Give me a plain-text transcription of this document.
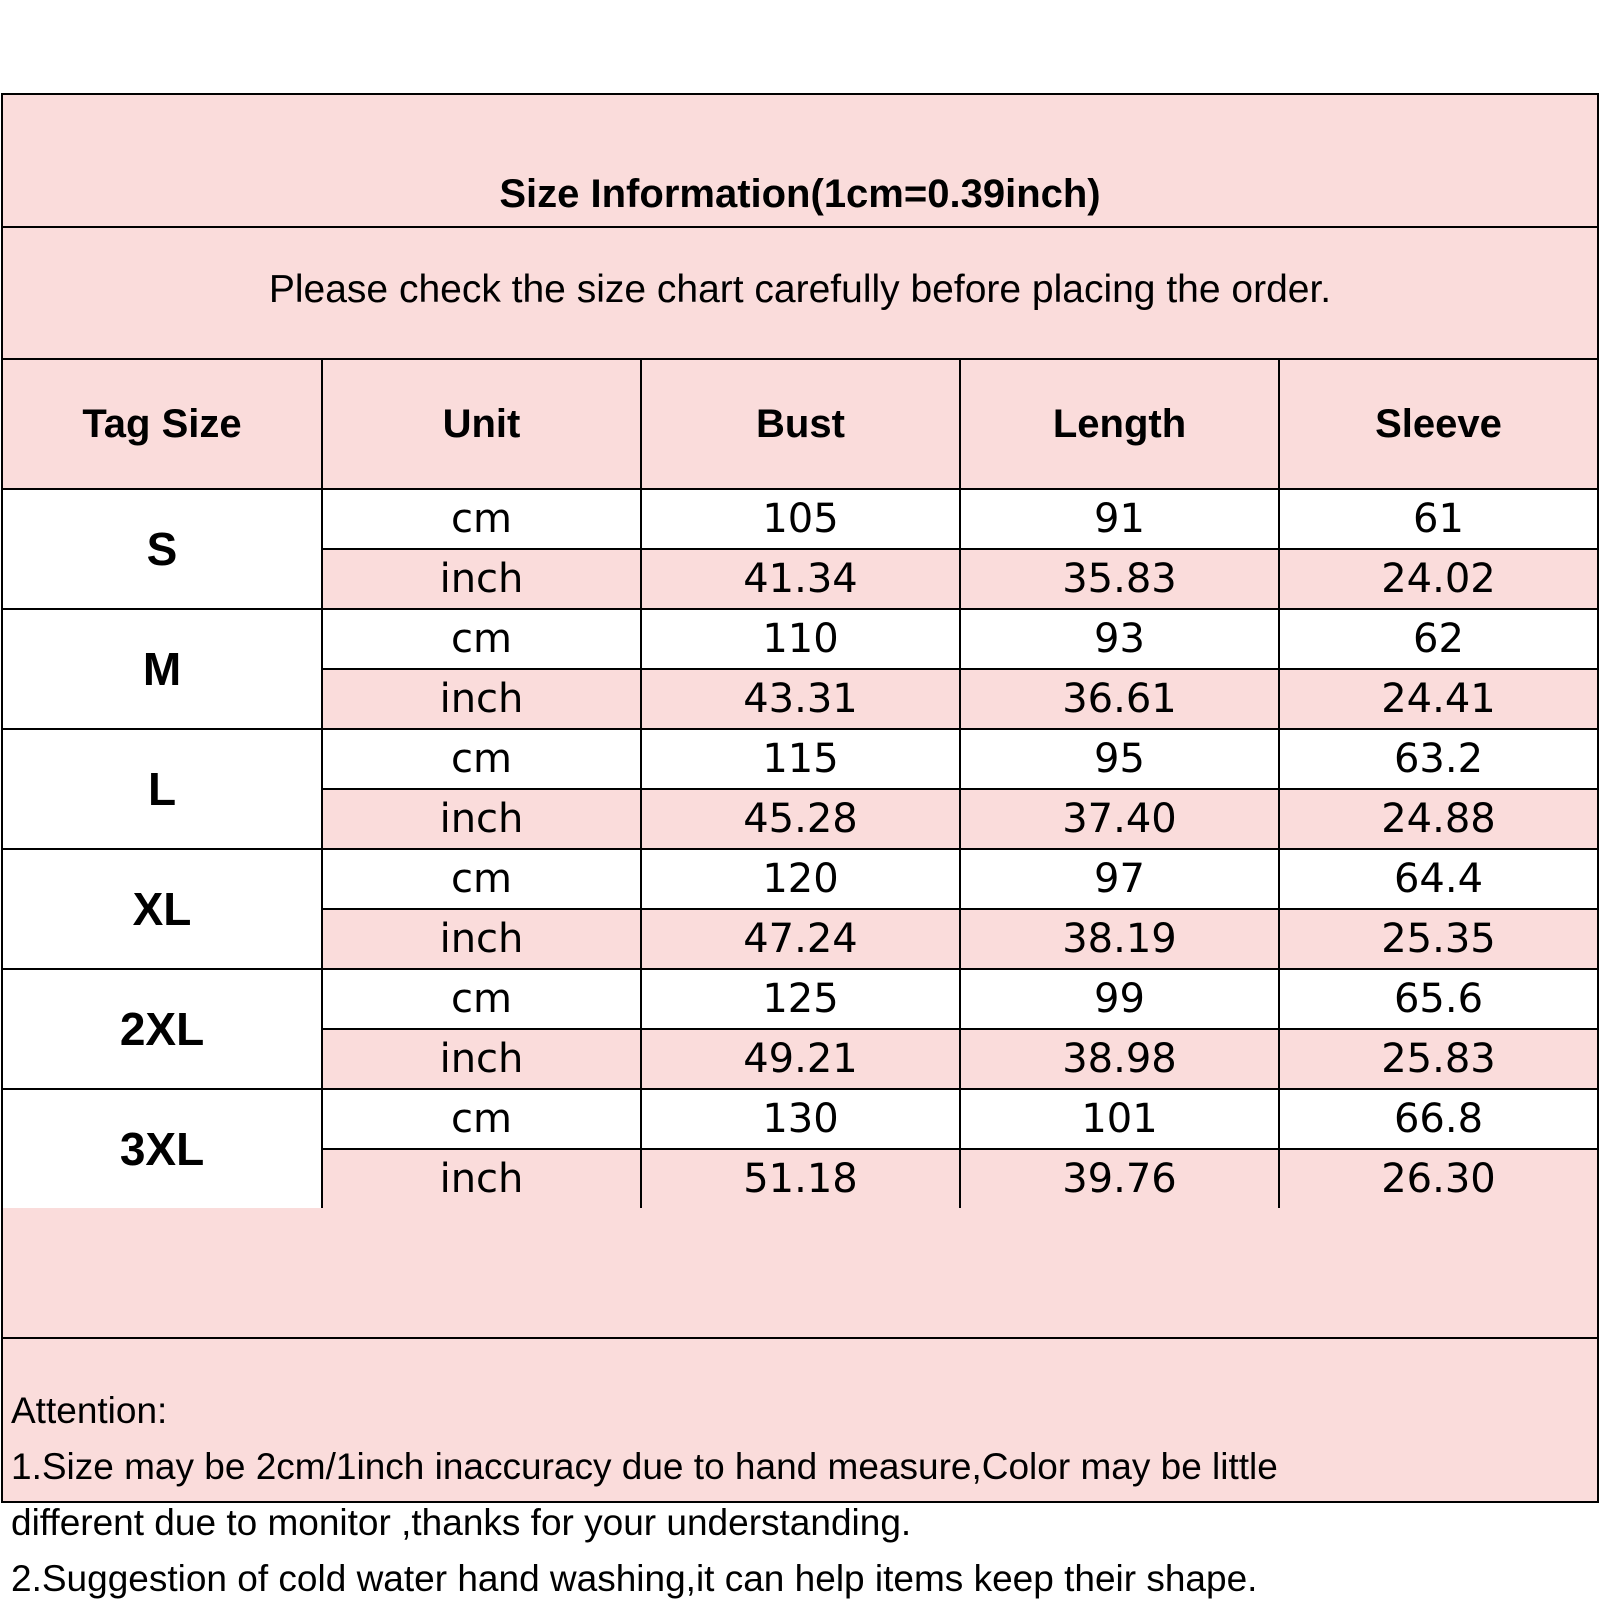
Size Information(1cm=0.39inch)
Please check the size chart carefully before placing the order.
Tag Size	Unit	Bust	Length	Sleeve
S	cm	105	91	61
	inch	41.34	35.83	24.02
M	cm	110	93	62
	inch	43.31	36.61	24.41
L	cm	115	95	63.2
	inch	45.28	37.40	24.88
XL	cm	120	97	64.4
	inch	47.24	38.19	25.35
2XL	cm	125	99	65.6
	inch	49.21	38.98	25.83
3XL	cm	130	101	66.8
	inch	51.18	39.76	26.30
Attention:
1.Size may be 2cm/1inch inaccuracy due to hand measure,Color may be little
different due to monitor ,thanks for your understanding.
2.Suggestion of cold water hand washing,it can help items keep their shape.
